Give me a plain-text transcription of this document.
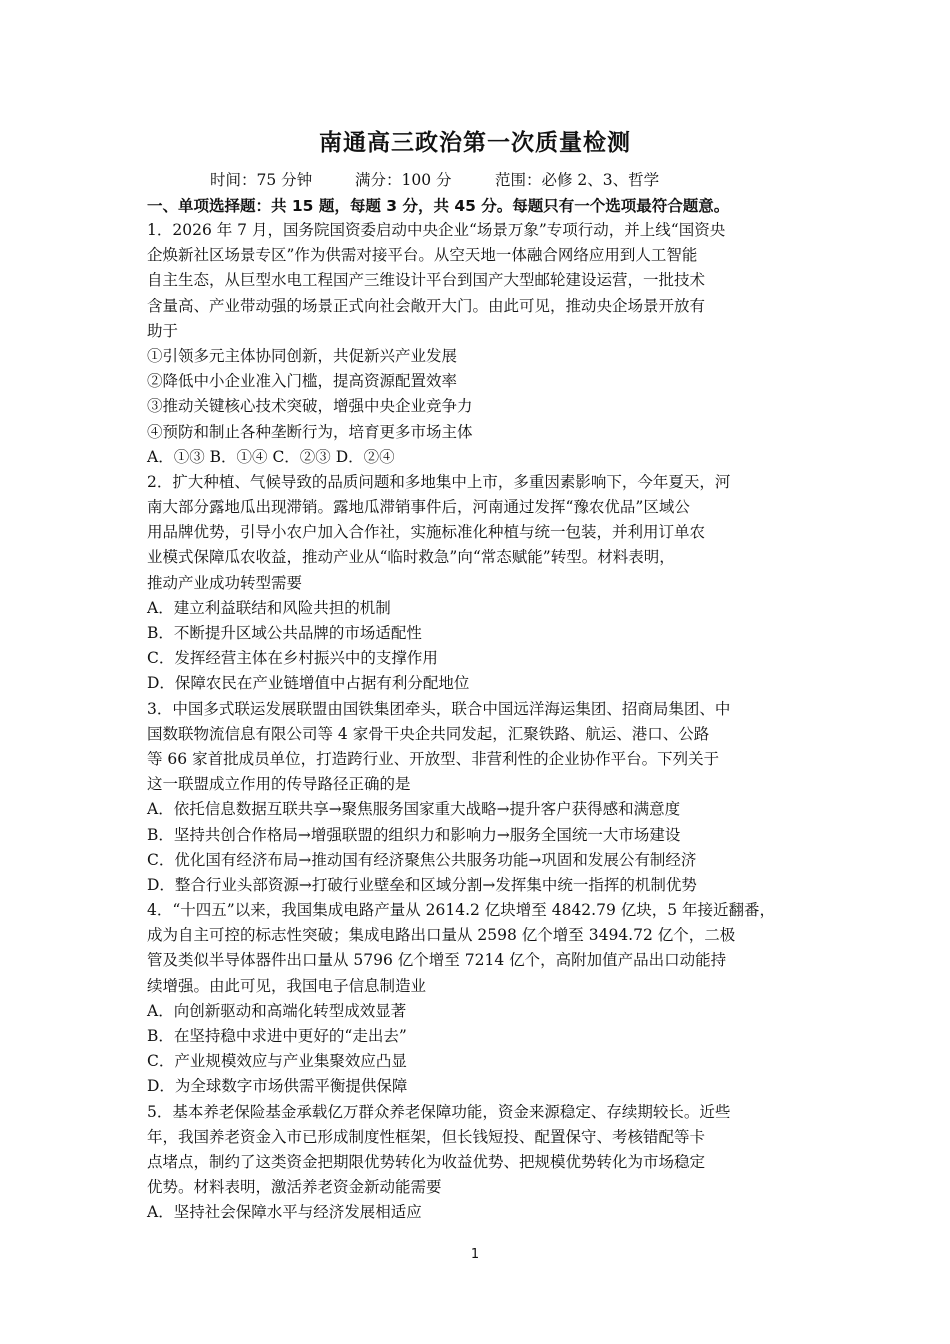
南通高三政治第一次质量检测
时间：75 分钟	满分：100 分	范围：必修 2、3、哲学
一、单项选择题：共 15 题，每题 3 分，共 45 分。每题只有一个选项最符合题意。
1．2026 年 7 月，国务院国资委启动中央企业“场景万象”专项行动，并上线“国资央
企焕新社区场景专区”作为供需对接平台。从空天地一体融合网络应用到人工智能
自主生态，从巨型水电工程国产三维设计平台到国产大型邮轮建设运营，一批技术
含量高、产业带动强的场景正式向社会敞开大门。由此可见，推动央企场景开放有
助于
①引领多元主体协同创新，共促新兴产业发展
②降低中小企业准入门槛，提高资源配置效率
③推动关键核心技术突破，增强中央企业竞争力
④预防和制止各种垄断行为，培育更多市场主体
A．①③ B．①④ C．②③ D．②④
2．扩大种植、气候导致的品质问题和多地集中上市，多重因素影响下，今年夏天，河
南大部分露地瓜出现滞销。露地瓜滞销事件后，河南通过发挥“豫农优品”区域公
用品牌优势，引导小农户加入合作社，实施标准化种植与统一包装，并利用订单农
业模式保障瓜农收益，推动产业从“临时救急”向“常态赋能”转型。材料表明，
推动产业成功转型需要
A．建立利益联结和风险共担的机制
B．不断提升区域公共品牌的市场适配性
C．发挥经营主体在乡村振兴中的支撑作用
D．保障农民在产业链增值中占据有利分配地位
3．中国多式联运发展联盟由国铁集团牵头，联合中国远洋海运集团、招商局集团、中
国数联物流信息有限公司等 4 家骨干央企共同发起，汇聚铁路、航运、港口、公路
等 66 家首批成员单位，打造跨行业、开放型、非营利性的企业协作平台。下列关于
这一联盟成立作用的传导路径正确的是
A．依托信息数据互联共享→聚焦服务国家重大战略→提升客户获得感和满意度
B．坚持共创合作格局→增强联盟的组织力和影响力→服务全国统一大市场建设
C．优化国有经济布局→推动国有经济聚焦公共服务功能→巩固和发展公有制经济
D．整合行业头部资源→打破行业壁垒和区域分割→发挥集中统一指挥的机制优势
4．“十四五”以来，我国集成电路产量从 2614.2 亿块增至 4842.79 亿块，5 年接近翻番，
成为自主可控的标志性突破；集成电路出口量从 2598 亿个增至 3494.72 亿个，二极
管及类似半导体器件出口量从 5796 亿个增至 7214 亿个，高附加值产品出口动能持
续增强。由此可见，我国电子信息制造业
A．向创新驱动和高端化转型成效显著
B．在坚持稳中求进中更好的“走出去”
C．产业规模效应与产业集聚效应凸显
D．为全球数字市场供需平衡提供保障
5．基本养老保险基金承载亿万群众养老保障功能，资金来源稳定、存续期较长。近些
年，我国养老资金入市已形成制度性框架，但长钱短投、配置保守、考核错配等卡
点堵点，制约了这类资金把期限优势转化为收益优势、把规模优势转化为市场稳定
优势。材料表明，激活养老资金新动能需要
A．坚持社会保障水平与经济发展相适应
1
